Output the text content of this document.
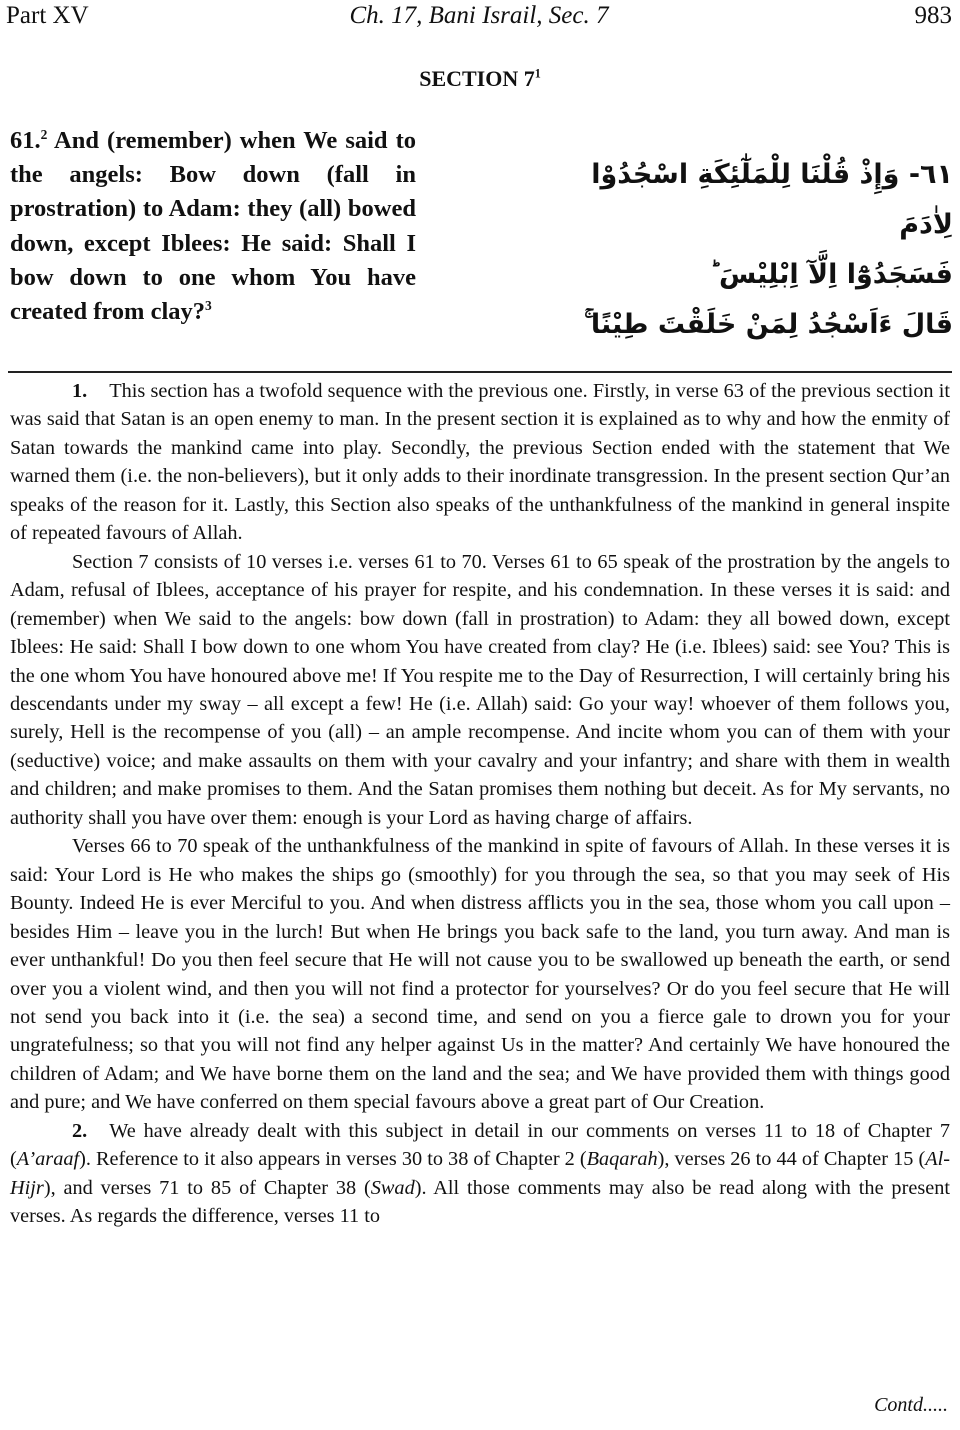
Part XV	Ch. 17, Bani Israil, Sec. 7	983
SECTION $7^1$
61.$^2$ And (remember) when We said to the angels: Bow down (fall in prostration) to Adam: they (all) bowed down, except Iblees: He said: Shall I bow down to one whom You have created from clay?$^3$
٦١- وَإِذْ قُلْنَا لِلْمَلٰٓئِكَةِ اسْجُدُوْا لِاٰدَمَ
فَسَجَدُوْٓا اِلَّآ اِبْلِيْسَ ؕ
قَالَ ءَاَسْجُدُ لِمَنْ خَلَقْتَ طِيْنًا ۚ

1. This section has a twofold sequence with the previous one. Firstly, in verse 63 of the previous section it was said that Satan is an open enemy to man. In the present section it is explained as to why and how the enmity of Satan towards the mankind came into play. Secondly, the previous Section ended with the statement that We warned them (i.e. the non-believers), but it only adds to their inordinate transgression. In the present section Qur’an speaks of the reason for it. Lastly, this Section also speaks of the unthankfulness of the mankind in general inspite of repeated favours of Allah.

Section 7 consists of 10 verses i.e. verses 61 to 70. Verses 61 to 65 speak of the prostration by the angels to Adam, refusal of Iblees, acceptance of his prayer for respite, and his condemnation. In these verses it is said: and (remember) when We said to the angels: bow down (fall in prostration) to Adam: they all bowed down, except Iblees: He said: Shall I bow down to one whom You have created from clay? He (i.e. Iblees) said: see You? This is the one whom You have honoured above me! If You respite me to the Day of Resurrection, I will certainly bring his descendants under my sway – all except a few! He (i.e. Allah) said: Go your way! whoever of them follows you, surely, Hell is the recompense of you (all) – an ample recompense. And incite whom you can of them with your (seductive) voice; and make assaults on them with your cavalry and your infantry; and share with them in wealth and children; and make promises to them. And the Satan promises them nothing but deceit. As for My servants, no authority shall you have over them: enough is your Lord as having charge of affairs.

Verses 66 to 70 speak of the unthankfulness of the mankind in spite of favours of Allah. In these verses it is said: Your Lord is He who makes the ships go (smoothly) for you through the sea, so that you may seek of His Bounty. Indeed He is ever Merciful to you. And when distress afflicts you in the sea, those whom you call upon – besides Him – leave you in the lurch! But when He brings you back safe to the land, you turn away. And man is ever unthankful! Do you then feel secure that He will not cause you to be swallowed up beneath the earth, or send over you a violent wind, and then you will not find a protector for yourselves? Or do you feel secure that He will not send you back into it (i.e. the sea) a second time, and send on you a fierce gale to drown you for your ungratefulness; so that you will not find any helper against Us in the matter? And certainly We have honoured the children of Adam; and We have borne them on the land and the sea; and We have provided them with things good and pure; and We have conferred on them special favours above a great part of Our Creation.

2. We have already dealt with this subject in detail in our comments on verses 11 to 18 of Chapter 7 (A’araaf). Reference to it also appears in verses 30 to 38 of Chapter 2 (Baqarah), verses 26 to 44 of Chapter 15 (Al-Hijr), and verses 71 to 85 of Chapter 38 (Swad). All those comments may also be read along with the present verses. As regards the difference, verses 11 to

Contd.....
